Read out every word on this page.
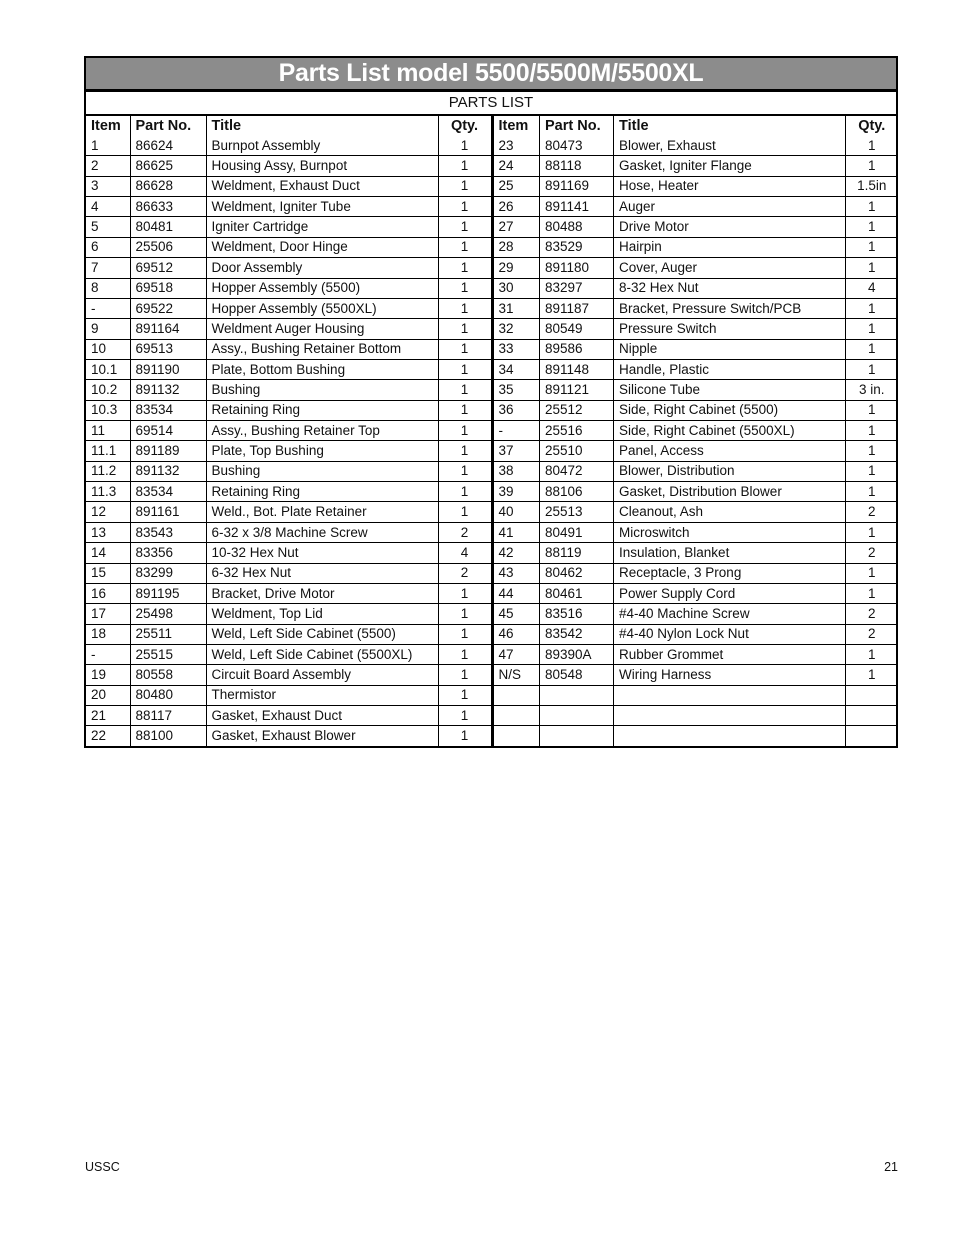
Parts List model 5500/5500M/5500XL
PARTS LIST
Item	Part No.	Title	Qty.
1	86624	Burnpot Assembly	1
2	86625	Housing Assy, Burnpot	1
3	86628	Weldment, Exhaust Duct	1
4	86633	Weldment, Igniter Tube	1
5	80481	Igniter Cartridge	1
6	25506	Weldment, Door Hinge	1
7	69512	Door Assembly	1
8	69518	Hopper Assembly (5500)	1
-	69522	Hopper Assembly (5500XL)	1
9	891164	Weldment Auger Housing	1
10	69513	Assy., Bushing Retainer Bottom	1
10.1	891190	Plate, Bottom Bushing	1
10.2	891132	Bushing	1
10.3	83534	Retaining Ring	1
11	69514	Assy., Bushing Retainer Top	1
11.1	891189	Plate, Top Bushing	1
11.2	891132	Bushing	1
11.3	83534	Retaining Ring	1
12	891161	Weld., Bot. Plate Retainer	1
13	83543	6-32 x 3/8 Machine Screw	2
14	83356	10-32 Hex Nut	4
15	83299	6-32 Hex Nut	2
16	891195	Bracket, Drive Motor	1
17	25498	Weldment, Top Lid	1
18	25511	Weld, Left Side Cabinet (5500)	1
-	25515	Weld, Left Side Cabinet (5500XL)	1
19	80558	Circuit Board Assembly	1
20	80480	Thermistor	1
21	88117	Gasket, Exhaust Duct	1
22	88100	Gasket, Exhaust Blower	1
Item	Part No.	Title	Qty.
23	80473	Blower, Exhaust	1
24	88118	Gasket, Igniter Flange	1
25	891169	Hose, Heater	1.5in
26	891141	Auger	1
27	80488	Drive Motor	1
28	83529	Hairpin	1
29	891180	Cover, Auger	1
30	83297	8-32 Hex Nut	4
31	891187	Bracket, Pressure Switch/PCB	1
32	80549	Pressure Switch	1
33	89586	Nipple	1
34	891148	Handle, Plastic	1
35	891121	Silicone Tube	3 in.
36	25512	Side, Right Cabinet (5500)	1
-	25516	Side, Right Cabinet (5500XL)	1
37	25510	Panel, Access	1
38	80472	Blower, Distribution	1
39	88106	Gasket, Distribution Blower	1
40	25513	Cleanout, Ash	2
41	80491	Microswitch	1
42	88119	Insulation, Blanket	2
43	80462	Receptacle, 3 Prong	1
44	80461	Power Supply Cord	1
45	83516	#4-40 Machine Screw	2
46	83542	#4-40 Nylon Lock Nut	2
47	89390A	Rubber Grommet	1
N/S	80548	Wiring Harness	1

USSC	21
